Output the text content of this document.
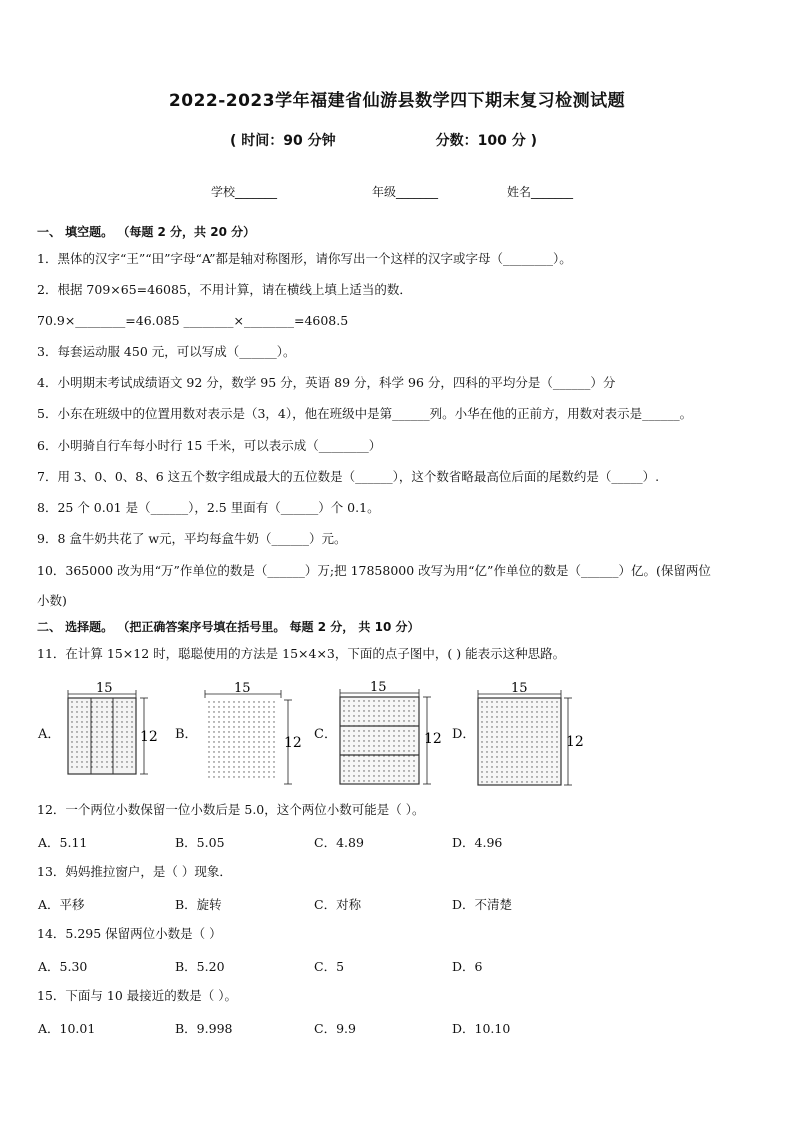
2022-2023学年福建省仙游县数学四下期末复习检测试题
( 时间：90 分钟	分数：100 分 )
学校_______	年级_______	姓名_______
一、 填空题。 （每题 2 分，共 20 分）
1．黑体的汉字“王”“田”字母“A”都是轴对称图形，请你写出一个这样的汉字或字母（________）。
2．根据 709×65=46085，不用计算，请在横线上填上适当的数．
70.9×________=46.085 ________×________=4608.5
3．每套运动服 450 元，可以写成（______）。
4．小明期末考试成绩语文 92 分，数学 95 分，英语 89 分，科学 96 分，四科的平均分是（______）分
5．小东在班级中的位置用数对表示是（3，4），他在班级中是第______列。小华在他的正前方，用数对表示是______。
6．小明骑自行车每小时行 15 千米，可以表示成（________）
7．用 3、0、0、8、6 这五个数字组成最大的五位数是（______），这个数省略最高位后面的尾数约是（_____）.
8．25 个 0.01 是（______），2.5 里面有（______）个 0.1。
9．8 盒牛奶共花了 w元，平均每盒牛奶（______）元。
10．365000 改为用“万”作单位的数是（______）万;把 17858000 改写为用“亿”作单位的数是（______）亿。(保留两位
小数)
二、 选择题。 （把正确答案序号填在括号里。 每题 2 分， 共 10 分）
11．在计算 15×12 时，聪聪使用的方法是 15×4×3，下面的点子图中，( ) 能表示这种思路。
A．	B．	C．	D．
15
12
15
12
15
12
15
12
12．一个两位小数保留一位小数后是 5.0，这个两位小数可能是（ ）。
A．5.11	B．5.05	C．4.89	D．4.96
13．妈妈推拉窗户，是（ ）现象．
A．平移	B．旋转	C．对称	D．不清楚
14．5.295 保留两位小数是（ ）
A．5.30	B．5.20	C．5	D．6
15．下面与 10 最接近的数是（ ）。
A．10.01	B．9.998	C．9.9	D．10.10
